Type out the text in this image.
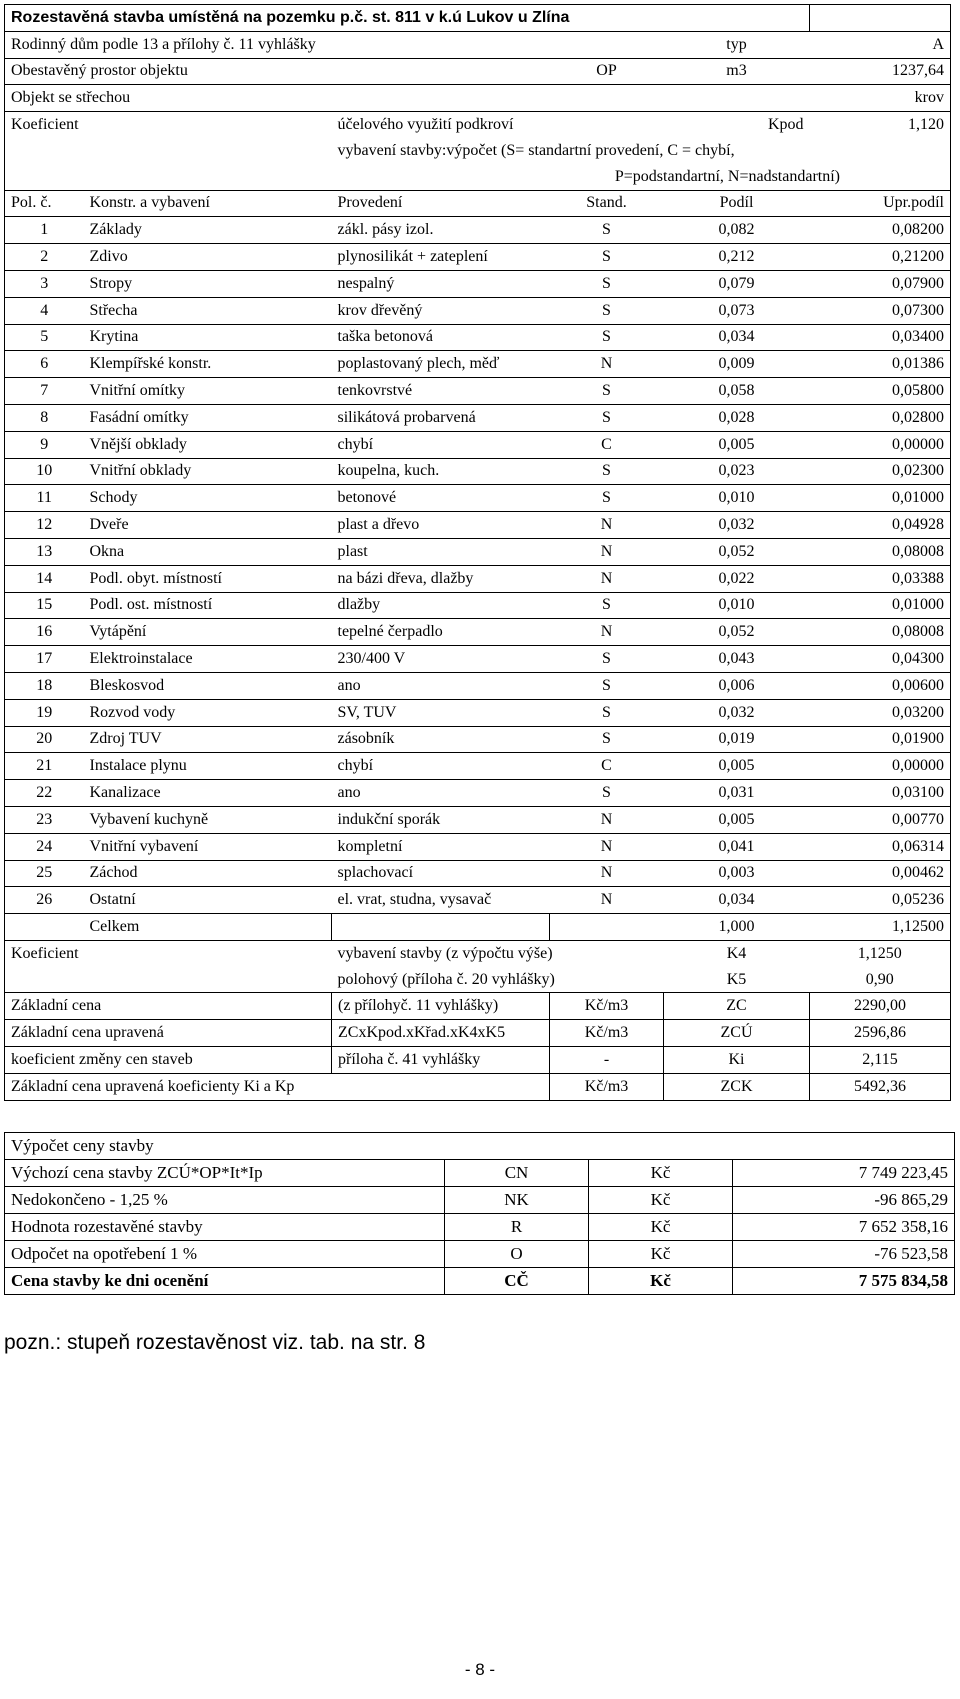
Rozestavěná stavba umístěná na pozemku p.č. st. 811 v k.ú Lukov u Zlína					
Rodinný dům podle 13 a přílohy č. 11 vyhlášky				typ	A
Obestavěný prostor objektu			OP	m3	1237,64
Objekt se střechou					krov
Koeficient		účelového využití podkroví		Kpod	1,120
		vybavení stavby:výpočet (S= standartní provedení, C = chybí,			
P=podstandartní, N=nadstandartní)					
Pol. č.	Konstr. a vybavení	Provedení	Stand.	Podíl	Upr.podíl
1	Základy	zákl. pásy izol.	S	0,082	0,08200
2	Zdivo	plynosilikát + zateplení	S	0,212	0,21200
3	Stropy	nespalný	S	0,079	0,07900
4	Střecha	krov dřevěný	S	0,073	0,07300
5	Krytina	taška betonová	S	0,034	0,03400
6	Klempířské konstr.	poplastovaný plech, měď	N	0,009	0,01386
7	Vnitřní omítky	tenkovrstvé	S	0,058	0,05800
8	Fasádní omítky	silikátová probarvená	S	0,028	0,02800
9	Vnější obklady	chybí	C	0,005	0,00000
10	Vnitřní obklady	koupelna, kuch.	S	0,023	0,02300
11	Schody	betonové	S	0,010	0,01000
12	Dveře	plast a dřevo	N	0,032	0,04928
13	Okna	plast	N	0,052	0,08008
14	Podl. obyt. místností	na bázi dřeva, dlažby	N	0,022	0,03388
15	Podl. ost. místností	dlažby	S	0,010	0,01000
16	Vytápění	tepelné čerpadlo	N	0,052	0,08008
17	Elektroinstalace	230/400 V	S	0,043	0,04300
18	Bleskosvod	ano	S	0,006	0,00600
19	Rozvod vody	SV, TUV	S	0,032	0,03200
20	Zdroj TUV	zásobník	S	0,019	0,01900
21	Instalace plynu	chybí	C	0,005	0,00000
22	Kanalizace	ano	S	0,031	0,03100
23	Vybavení kuchyně	indukční sporák	N	0,005	0,00770
24	Vnitřní vybavení	kompletní	N	0,041	0,06314
25	Záchod	splachovací	N	0,003	0,00462
26	Ostatní	el. vrat, studna, vysavač	N	0,034	0,05236
	Celkem			1,000	1,12500
Koeficient		vybavení stavby (z výpočtu výše)		K4	1,1250
		polohový (příloha č. 20 vyhlášky)		K5	0,90
Základní cena		(z přílohyč. 11 vyhlášky)	Kč/m3	ZC	2290,00
Základní cena upravená		ZCxKpod.xKřad.xK4xK5	Kč/m3	ZCÚ	2596,86
koeficient změny cen staveb		příloha č. 41 vyhlášky	-	Ki	2,115
Základní cena upravená koeficienty Ki a Kp			Kč/m3	ZCK	5492,36
Výpočet ceny stavby			
Výchozí cena stavby ZCÚ*OP*It*Ip	CN	Kč	7 749 223,45
Nedokončeno - 1,25 %	NK	Kč	-96 865,29
Hodnota rozestavěné stavby	R	Kč	7 652 358,16
Odpočet na opotřebení 1 %	O	Kč	-76 523,58
Cena stavby ke dni ocenění	CČ	Kč	7 575 834,58
pozn.: stupeň rozestavěnost viz. tab. na str. 8
- 8 -
